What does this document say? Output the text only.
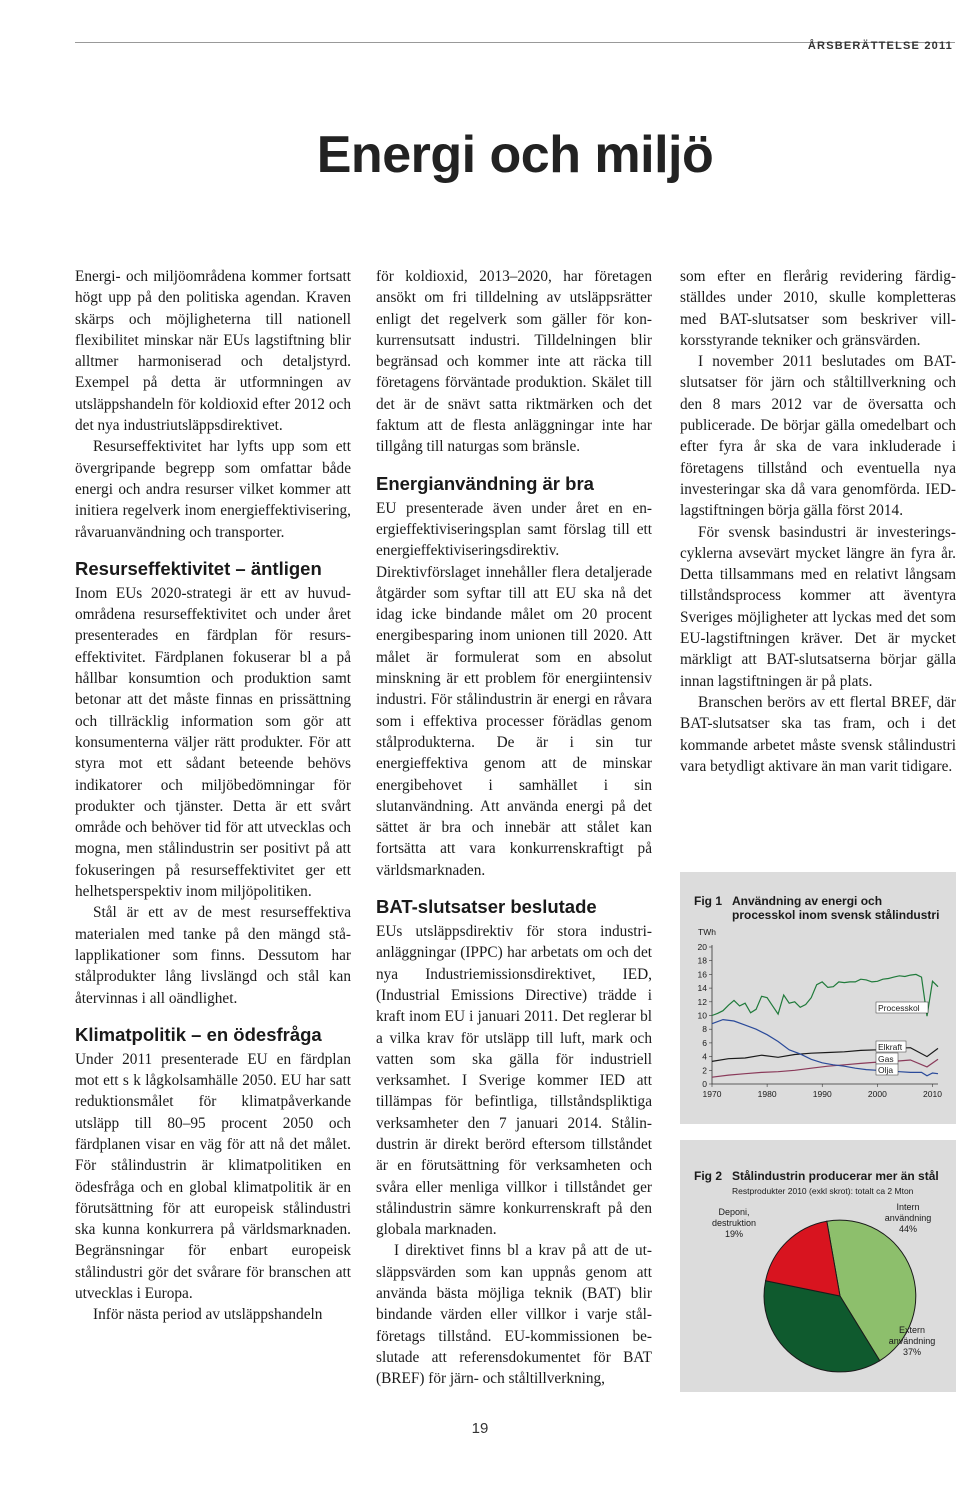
ÅRSBERÄTTELSE 2011
Energi och miljö

Energi- och miljöområdena kommer fortsatt högt upp på den politiska agendan. Kraven skärps och möjligheterna till nationell flexibilitet minskar när EUs lagstiftning blir alltmer harmoniserad och detaljstyrd. Exempel på detta är utformningen av utsläppshandeln för koldioxid efter 2012 och det nya industriutsläppsdirektivet.

Resurseffektivitet har lyfts upp som ett övergripande begrepp som omfattar både energi och andra resurser vilket kommer att initiera regelverk inom energieffektivisering, råvaruanvändning och transporter.

Resurseffektivitet – äntligen

Inom EUs 2020-strategi är ett av huvudområdena resurseffektivitet och under året presenterades en färdplan för resurseffektivitet. Färdplanen fokuserar bl a på hållbar konsumtion och produktion samt betonar att det måste finnas en prissättning och tillräcklig information som gör att konsumenterna väljer rätt produkter. För att styra mot ett sådant beteende behövs indikatorer och miljöbedömningar för produkter och tjänster. Detta är ett svårt område och behöver tid för att utvecklas och mogna, men stålindustrin ser positivt på att fokuseringen på resurseffektivitet ger ett helhetsperspektiv inom miljöpolitiken.

Stål är ett av de mest resurseffektiva materialen med tanke på den mängd stålapplikationer som finns. Dessutom har stålprodukter lång livslängd och stål kan återvinnas i all oändlighet.

Klimatpolitik – en ödesfråga

Under 2011 presenterade EU en färdplan mot ett s k lågkolsamhälle 2050. EU har satt reduktionsmålet för klimatpåverkande utsläpp till 80–95 procent 2050 och färdplanen visar en väg för att nå det målet. För stålindustrin är klimatpolitiken en ödesfråga och en global klimatpolitik är en förutsättning för att europeisk stålindustri ska kunna konkurrera på världsmarknaden. Begränsningar för enbart europeisk stålindustri gör det svårare för branschen att utvecklas i Europa.

Inför nästa period av utsläppshandeln

för koldioxid, 2013–2020, har företagen ansökt om fri tilldelning av utsläppsrätter enligt det regelverk som gäller för konkurrensutsatt industri. Tilldelningen blir begränsad och kommer inte att räcka till företagens förväntade produktion. Skälet till det är de snävt satta riktmärken och det faktum att de flesta anläggningar inte har tillgång till naturgas som bränsle.

Energianvändning är bra

EU presenterade även under året en energieffektiviseringsplan samt förslag till ett energieffektiviseringsdirektiv. Direktivförslaget innehåller flera detaljerade åtgärder som syftar till att EU ska nå det idag icke bindande målet om 20 procent energibesparing inom unionen till 2020. Att målet är formulerat som en absolut minskning är ett problem för energiintensiv industri. För stålindustrin är energi en råvara som i effektiva processer förädlas genom stålprodukterna. De är i sin tur energieffektiva genom att de minskar energibehovet i samhället i sin slutanvändning. Att använda energi på det sättet är bra och innebär att stålet kan fortsätta att vara konkurrenskraftigt på världsmarknaden.

BAT-slutsatser beslutade

EUs utsläppsdirektiv för stora industrianläggningar (IPPC) har arbetats om och det nya Industriemissionsdirektivet, IED, (Industrial Emissions Directive) trädde i kraft inom EU i januari 2011. Det reglerar bl a vilka krav för utsläpp till luft, mark och vatten som ska gälla för industriell verksamhet. I Sverige kommer IED att tillämpas för befintliga, tillståndspliktiga verksamheter den 7 januari 2014. Stålindustrin är direkt berörd eftersom tillståndet är en förutsättning för verksamheten och svåra eller menliga villkor i tillståndet ger stålindustrin sämre konkurrenskraft på den globala marknaden.

I direktivet finns bl a krav på att de utsläppsvärden som kan uppnås genom att använda bästa möjliga teknik (BAT) blir bindande värden eller villkor i varje stålföretags tillstånd. EU-kommissionen beslutade att referensdokumentet för BAT (BREF) för järn- och ståltillverkning,

som efter en flerårig revidering färdigställdes under 2010, skulle kompletteras med BAT-slutsatser som beskriver villkorsstyrande tekniker och gränsvärden.

I november 2011 beslutades om BAT-slutsatser för järn och ståltillverkning och den 8 mars 2012 var de översatta och publicerade. De börjar gälla omedelbart och efter fyra år ska de vara inkluderade i företagens tillstånd och eventuella nya investeringar ska då vara genomförda. IED-lagstiftningen börja gälla först 2014.

För svensk basindustri är investeringscyklerna avsevärt mycket längre än fyra år. Detta tillsammans med en relativt långsam tillståndsprocess kommer att äventyra Sveriges möjligheter att lyckas med det som EU-lagstiftningen kräver. Det är mycket märkligt att BAT-slutsatserna börjar gälla innan lagstiftningen är på plats.

Branschen berörs av ett flertal BREF, där BAT-slutsatser ska tas fram, och i det kommande arbetet måste svensk stålindustri vara betydligt aktivare än man varit tidigare.

Fig 1 Användning av energi och
processkol inom svensk stålindustri
TWh
0
2
4
6
8
10
12
14
16
18
20
1970	1980	1990	2000	2010
Processkol
Elkraft
Gas
Olja
Fig 2 Stålindustrin producerar mer än stål
Restprodukter 2010 (exkl skrot): totalt ca 2 Mton
Intern
användning
44%
Extern
användning
37%
Deponi,
destruktion
19%
19
